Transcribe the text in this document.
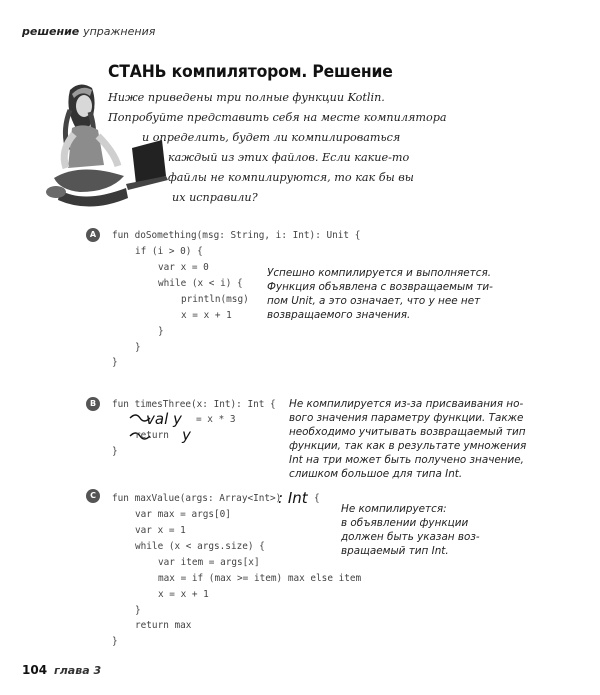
решение упражнения
СТАНЬ компилятором. Решение
Ниже приведены три полные функции Kotlin.
Попробуйте представить себя на месте компилятора
и определить, будет ли компилироваться
каждый из этих файлов. Если какие-то
файлы не компилируются, то как бы вы
их исправили?
A	fun doSomething(msg: String, i: Int): Unit {
if (i > 0) {
var x = 0
while (x < i) {
println(msg)
x = x + 1
}
}
}
Успешно компилируется и выполняется.
Функция объявлена с возвращаемым ти-
пом Unit, а это означает, что у нее нет
возвращаемого значения.
B	fun timesThree(x: Int): Int {
val y = x * 3
return y
}
Не компилируется из-за присваивания но-
вого значения параметру функции. Также
необходимо учитывать возвращаемый тип
функции, так как в результате умножения
Int на три может быть получено значение,
слишком большое для типа Int.
C	fun maxValue(args: Array<Int>)
: Int {
var max = args[0]
var x = 1
while (x < args.size) {
var item = args[x]
max = if (max >= item) max else item
x = x + 1
}
return max
}
Не компилируется:
в объявлении функции
должен быть указан воз-
вращаемый тип Int.
104 глава 3
